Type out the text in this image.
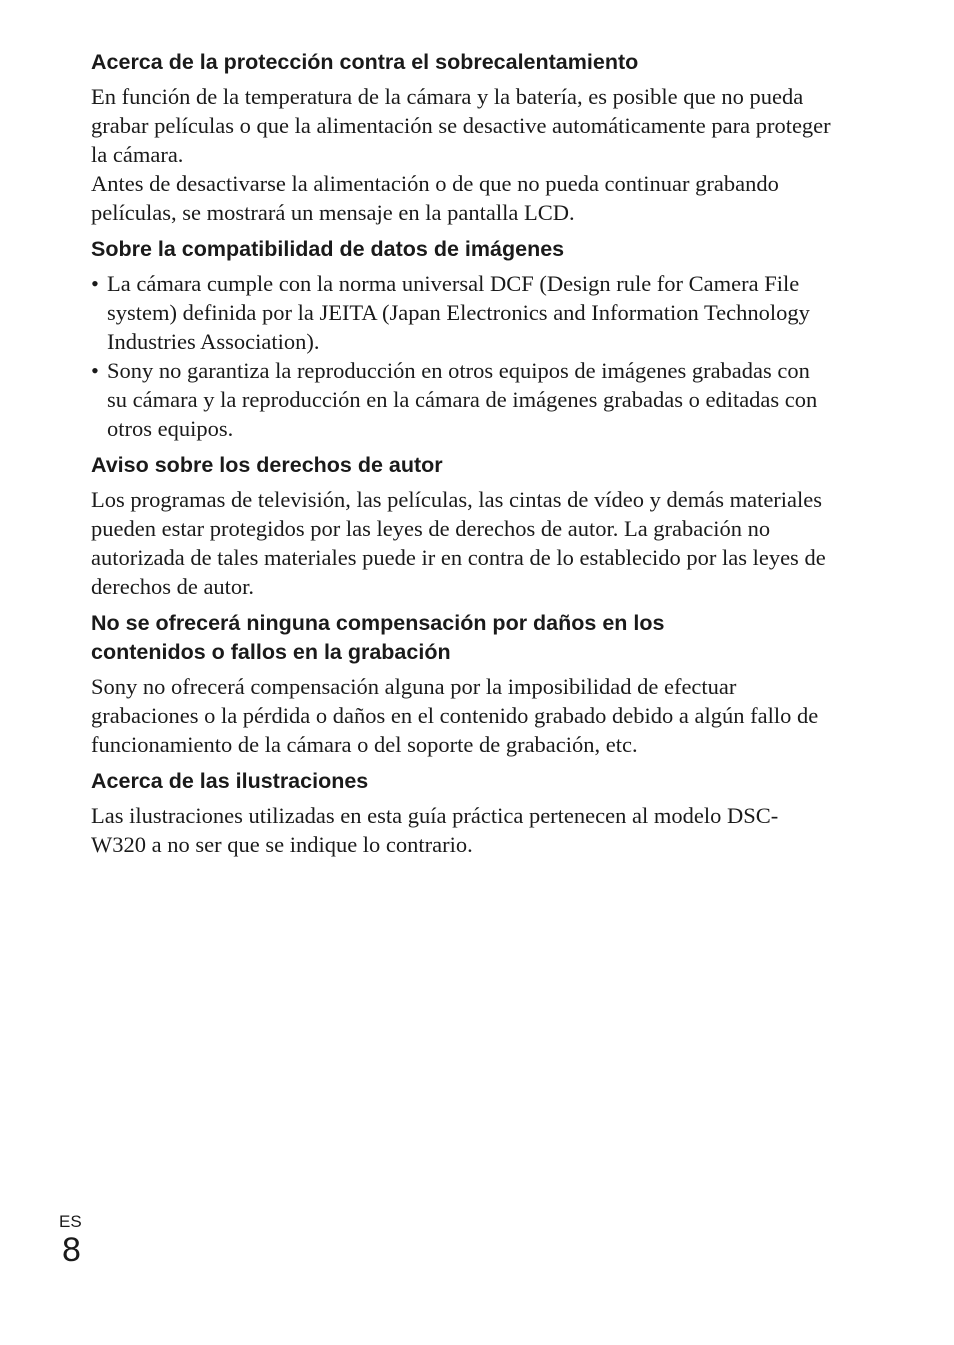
Acerca de la protección contra el sobrecalentamiento

En función de la temperatura de la cámara y la batería, es posible que no pueda grabar películas o que la alimentación se desactive automáticamente para proteger la cámara.

Antes de desactivarse la alimentación o de que no pueda continuar grabando películas, se mostrará un mensaje en la pantalla LCD.

Sobre la compatibilidad de datos de imágenes
• La cámara cumple con la norma universal DCF (Design rule for Camera File system) definida por la JEITA (Japan Electronics and Information Technology Industries Association).
• Sony no garantiza la reproducción en otros equipos de imágenes grabadas con su cámara y la reproducción en la cámara de imágenes grabadas o editadas con otros equipos.
Aviso sobre los derechos de autor

Los programas de televisión, las películas, las cintas de vídeo y demás materiales pueden estar protegidos por las leyes de derechos de autor. La grabación no autorizada de tales materiales puede ir en contra de lo establecido por las leyes de derechos de autor.

No se ofrecerá ninguna compensación por daños en los contenidos o fallos en la grabación

Sony no ofrecerá compensación alguna por la imposibilidad de efectuar grabaciones o la pérdida o daños en el contenido grabado debido a algún fallo de funcionamiento de la cámara o del soporte de grabación, etc.

Acerca de las ilustraciones

Las ilustraciones utilizadas en esta guía práctica pertenecen al modelo DSC-W320 a no ser que se indique lo contrario.

ES
8
